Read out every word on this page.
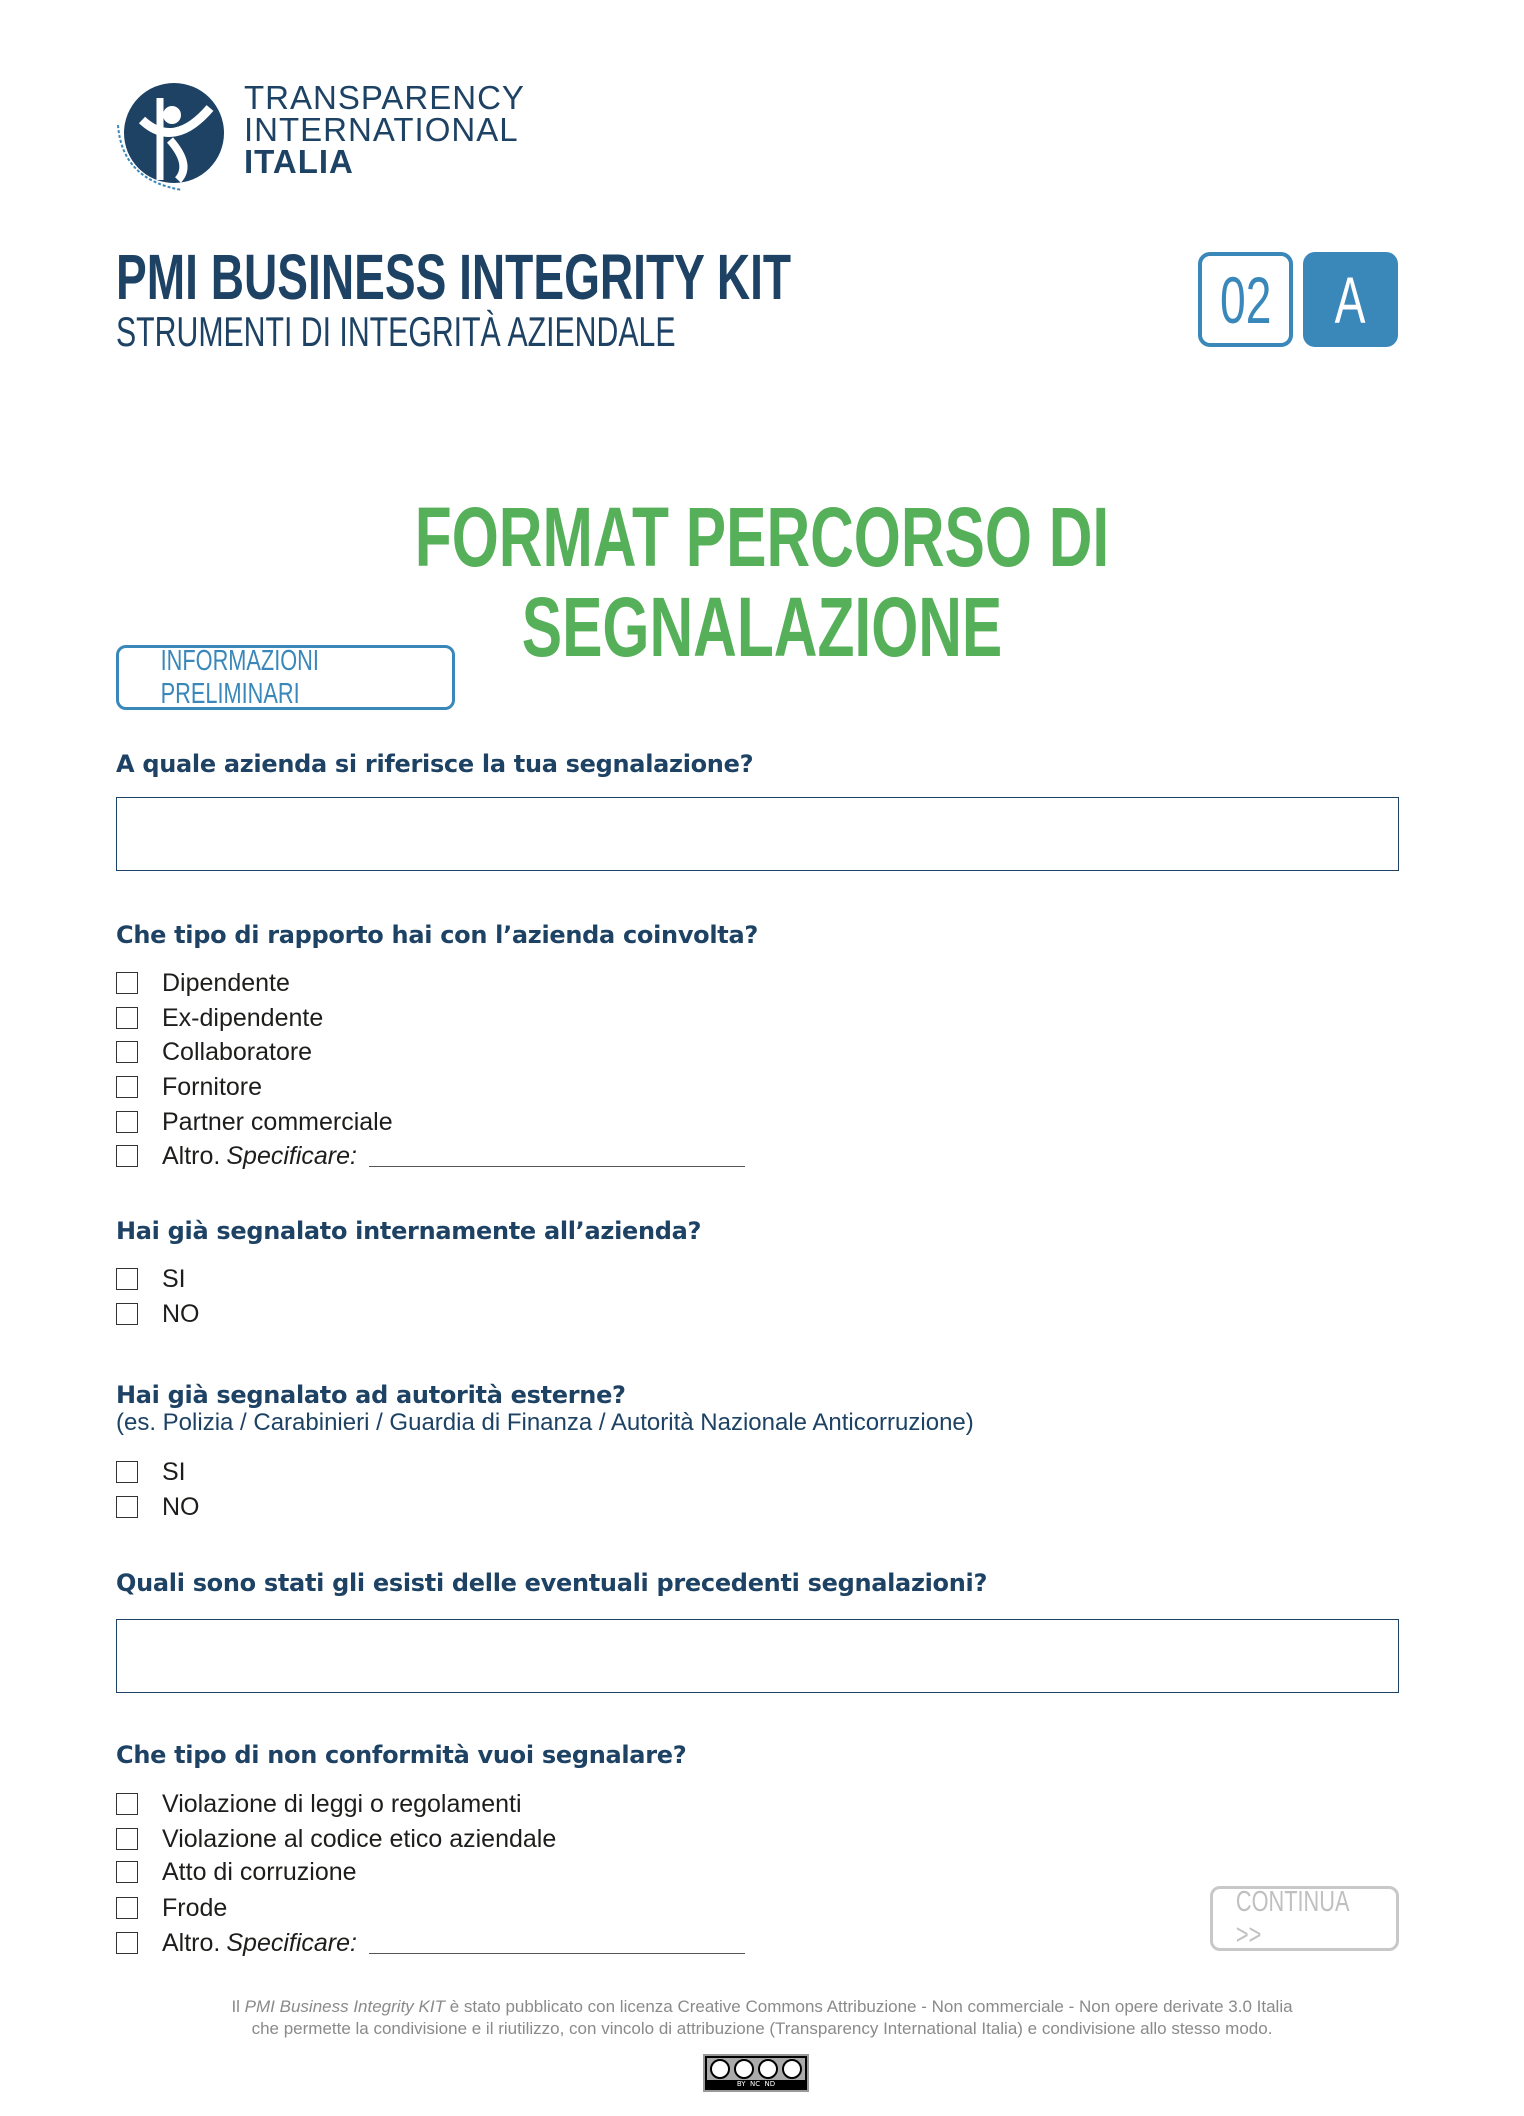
TRANSPARENCY
INTERNATIONAL
ITALIA
PMI BUSINESS INTEGRITY KIT
STRUMENTI DI INTEGRITÀ AZIENDALE	02 A
FORMAT PERCORSO DI SEGNALAZIONE
INFORMAZIONI PRELIMINARI
A quale azienda si riferisce la tua segnalazione?
Che tipo di rapporto hai con l’azienda coinvolta?
Dipendente
Ex-dipendente
Collaboratore
Fornitore
Partner commerciale
Altro. Specificare:
Hai già segnalato internamente all’azienda?
SI
NO
Hai già segnalato ad autorità esterne?
(es. Polizia / Carabinieri / Guardia di Finanza / Autorità Nazionale Anticorruzione)
SI
NO
Quali sono stati gli esisti delle eventuali precedenti segnalazioni?
Che tipo di non conformità vuoi segnalare?
Violazione di leggi o regolamenti
Violazione al codice etico aziendale
Atto di corruzione
Frode
Altro. Specificare:
CONTINUA >>
Il PMI Business Integrity KIT è stato pubblicato con licenza Creative Commons Attribuzione - Non commerciale - Non opere derivate 3.0 Italia
che permette la condivisione e il riutilizzo, con vincolo di attribuzione (Transparency International Italia) e condivisione allo stesso modo.
BY  NC  ND
